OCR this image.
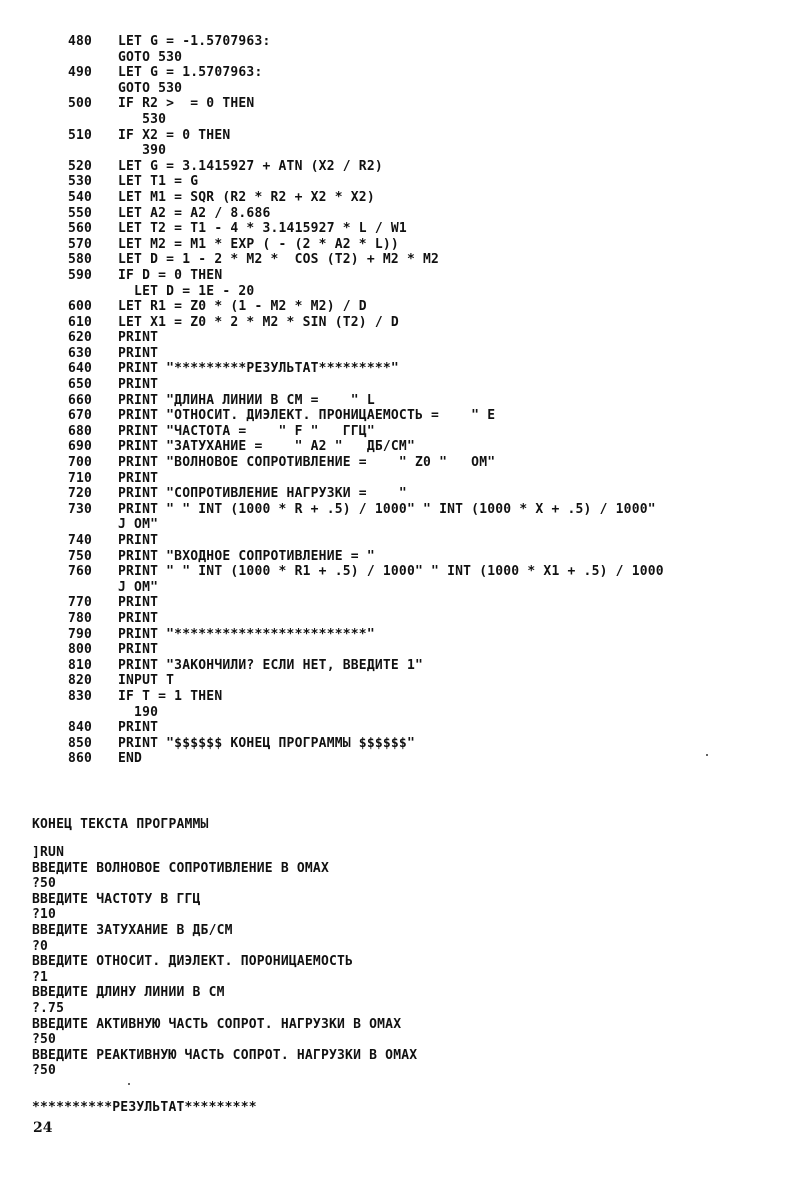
480	LET G = -1.5707963:
GOTO 530
490	LET G = 1.5707963:
GOTO 530
500	IF R2 >  = 0 THEN
530
510	IF X2 = 0 THEN
390
520	LET G = 3.1415927 + ATN (X2 / R2)
530	LET T1 = G
540	LET M1 = SQR (R2 * R2 + X2 * X2)
550	LET A2 = A2 / 8.686
560	LET T2 = T1 - 4 * 3.1415927 * L / W1
570	LET M2 = M1 * EXP ( - (2 * A2 * L))
580	LET D = 1 - 2 * M2 *  COS (T2) + M2 * M2
590	IF D = 0 THEN
LET D = 1E - 20
600	LET R1 = Z0 * (1 - M2 * M2) / D
610	LET X1 = Z0 * 2 * M2 * SIN (T2) / D
620	PRINT
630	PRINT
640	PRINT "*********РЕЗУЛЬТАТ*********"
650	PRINT
660	PRINT "ДЛИНА ЛИНИИ В СМ =    " L
670	PRINT "ОТНОСИТ. ДИЭЛЕКТ. ПРОНИЦАЕМОСТЬ =    " E
680	PRINT "ЧАСТОТА =    " F "   ГГЦ"
690	PRINT "ЗАТУХАНИЕ =    " A2 "   ДБ/СМ"
700	PRINT "ВОЛНОВОЕ СОПРОТИВЛЕНИЕ =    " Z0 "   ОМ"
710	PRINT
720	PRINT "СОПРОТИВЛЕНИЕ НАГРУЗКИ =    "
730	PRINT " " INT (1000 * R + .5) / 1000" " INT (1000 * X + .5) / 1000"
J ОМ"
740	PRINT
750	PRINT "ВХОДНОЕ СОПРОТИВЛЕНИЕ = "
760	PRINT " " INT (1000 * R1 + .5) / 1000" " INT (1000 * X1 + .5) / 1000
J ОМ"
770	PRINT
780	PRINT
790	PRINT "************************"
800	PRINT
810	PRINT "ЗАКОНЧИЛИ? ЕСЛИ НЕТ, ВВЕДИТЕ 1"
820	INPUT T
830	IF T = 1 THEN
190
840	PRINT
850	PRINT "$$$$$$ КОНЕЦ ПРОГРАММЫ $$$$$$"
860	END
КОНЕЦ ТЕКСТА ПРОГРАММЫ
]RUN
ВВЕДИТЕ ВОЛНОВОЕ СОПРОТИВЛЕНИЕ В ОМАХ
?50
ВВЕДИТЕ ЧАСТОТУ В ГГЦ
?10
ВВЕДИТЕ ЗАТУХАНИЕ В ДБ/СМ
?0
ВВЕДИТЕ ОТНОСИТ. ДИЭЛЕКТ. ПОРОНИЦАЕМОСТЬ
?1
ВВЕДИТЕ ДЛИНУ ЛИНИИ В СМ
?.75
ВВЕДИТЕ АКТИВНУЮ ЧАСТЬ СОПРОТ. НАГРУЗКИ В ОМАХ
?50
ВВЕДИТЕ РЕАКТИВНУЮ ЧАСТЬ СОПРОТ. НАГРУЗКИ В ОМАХ
?50
**********РЕЗУЛЬТАТ*********
24
